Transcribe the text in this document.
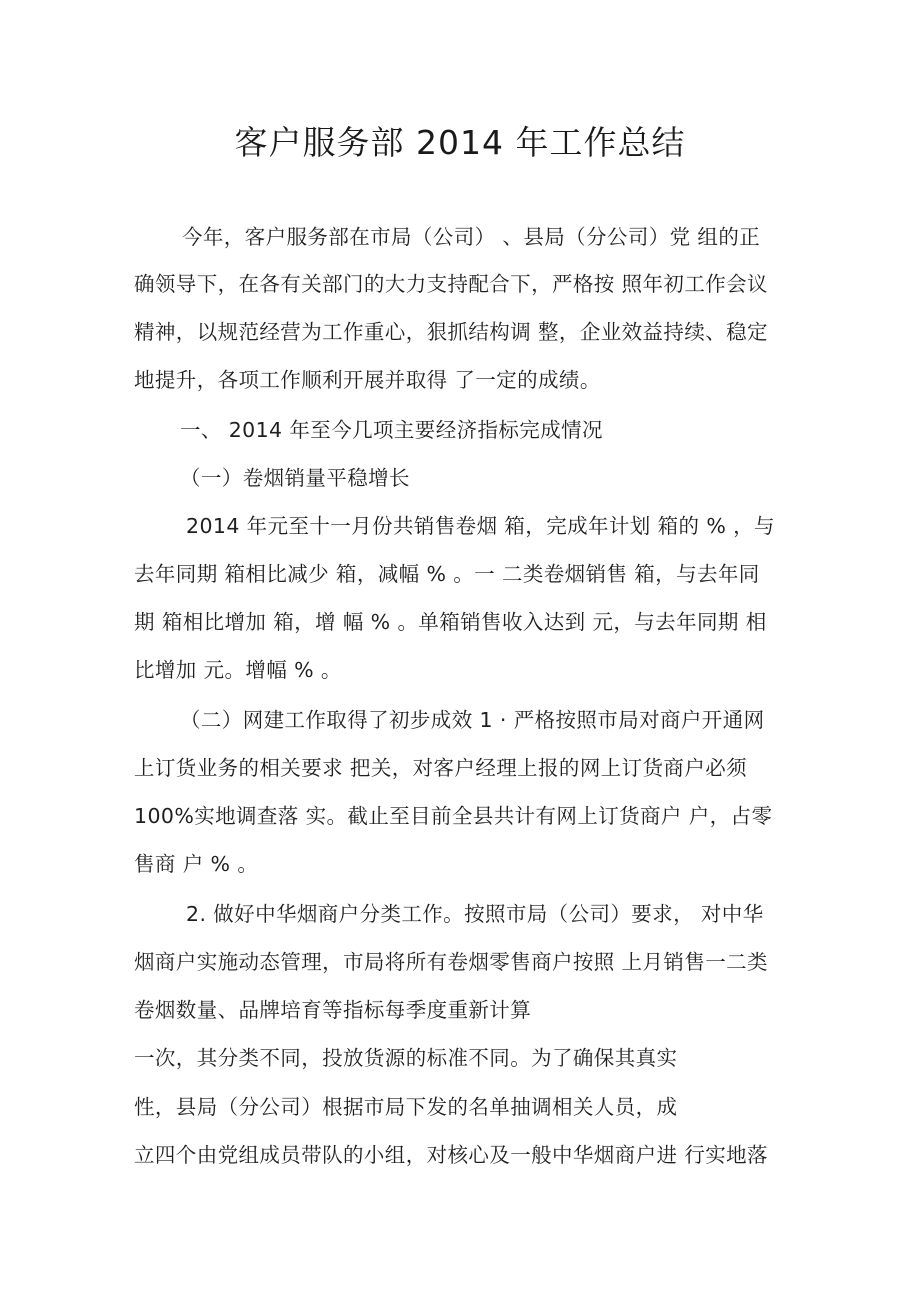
客户服务部 2014 年工作总结
今年，客户服务部在市局（公司） 、县局（分公司）党 组的正
确领导下，在各有关部门的大力支持配合下，严格按 照年初工作会议
精神，以规范经营为工作重心，狠抓结构调 整，企业效益持续、稳定
地提升，各项工作顺利开展并取得 了一定的成绩。
一、 2014 年至今几项主要经济指标完成情况
（一）卷烟销量平稳增长
2014 年元至十一月份共销售卷烟 箱，完成年计划 箱的 % ，与
去年同期 箱相比减少 箱，减幅 % 。一 二类卷烟销售 箱，与去年同
期 箱相比增加 箱，增 幅 % 。单箱销售收入达到 元，与去年同期 相
比增加 元。增幅 % 。
（二）网建工作取得了初步成效 1 · 严格按照市局对商户开通网
上订货业务的相关要求 把关，对客户经理上报的网上订货商户必须
100%实地调查落 实。截止至目前全县共计有网上订货商户 户，占零
售商 户 % 。
2. 做好中华烟商户分类工作。按照市局（公司）要求， 对中华
烟商户实施动态管理，市局将所有卷烟零售商户按照 上月销售一二类
卷烟数量、品牌培育等指标每季度重新计算
一次，其分类不同，投放货源的标准不同。为了确保其真实
性，县局（分公司）根据市局下发的名单抽调相关人员，成
立四个由党组成员带队的小组，对核心及一般中华烟商户进 行实地落
